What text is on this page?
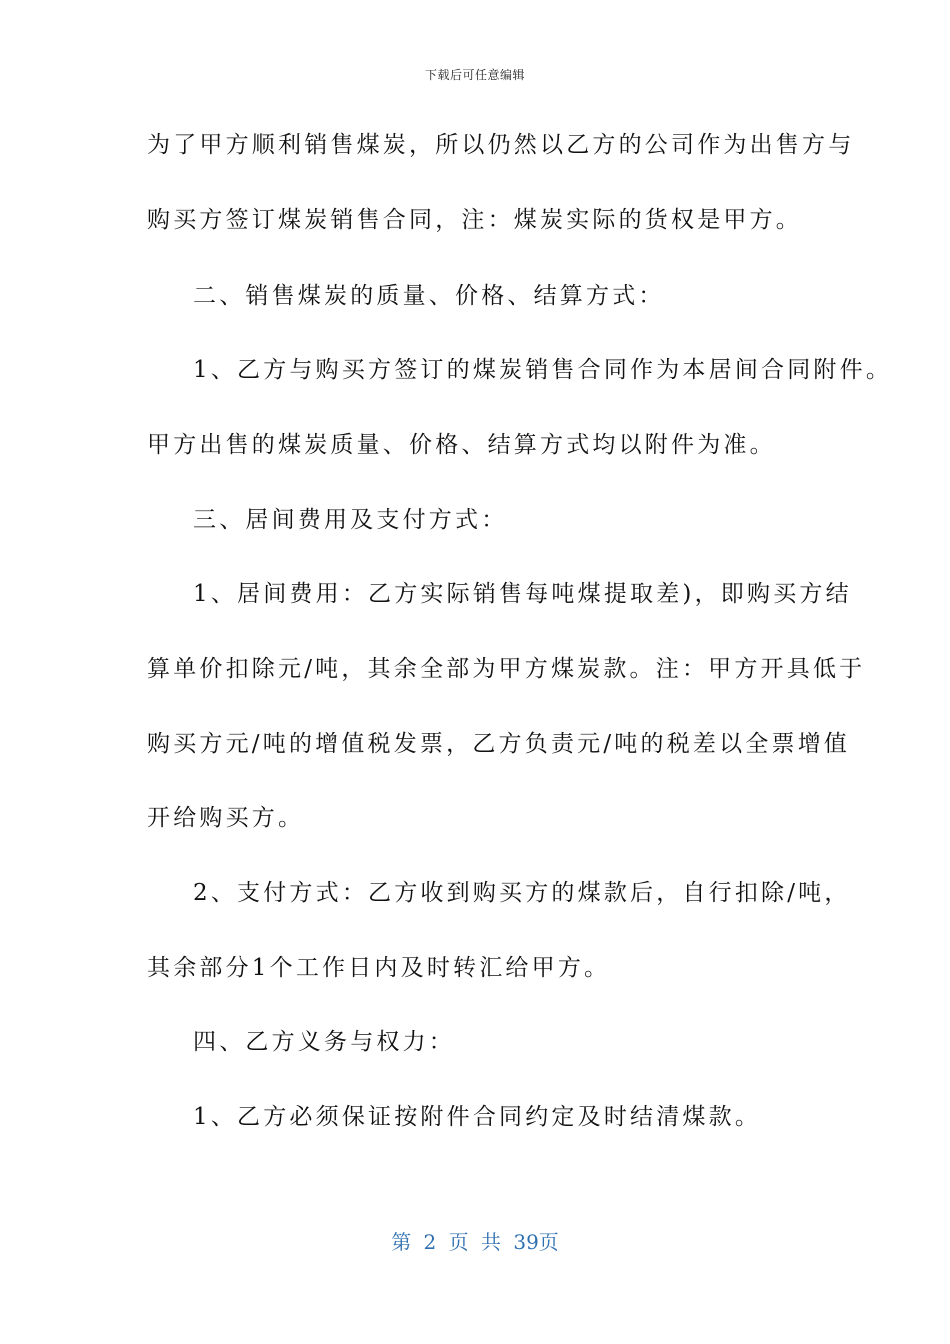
下载后可任意编辑
为了甲方顺利销售煤炭，所以仍然以乙方的公司作为出售方与
购买方签订煤炭销售合同，注：煤炭实际的货权是甲方。
二、销售煤炭的质量、价格、结算方式：
1、乙方与购买方签订的煤炭销售合同作为本居间合同附件。
甲方出售的煤炭质量、价格、结算方式均以附件为准。
三、居间费用及支付方式：
1、居间费用：乙方实际销售每吨煤提取差)，即购买方结
算单价扣除元/吨，其余全部为甲方煤炭款。注：甲方开具低于
购买方元/吨的增值税发票，乙方负责元/吨的税差以全票增值
开给购买方。
2、支付方式：乙方收到购买方的煤款后，自行扣除/吨，
其余部分1个工作日内及时转汇给甲方。
四、乙方义务与权力：
1、乙方必须保证按附件合同约定及时结清煤款。
第 2 页 共 39页
